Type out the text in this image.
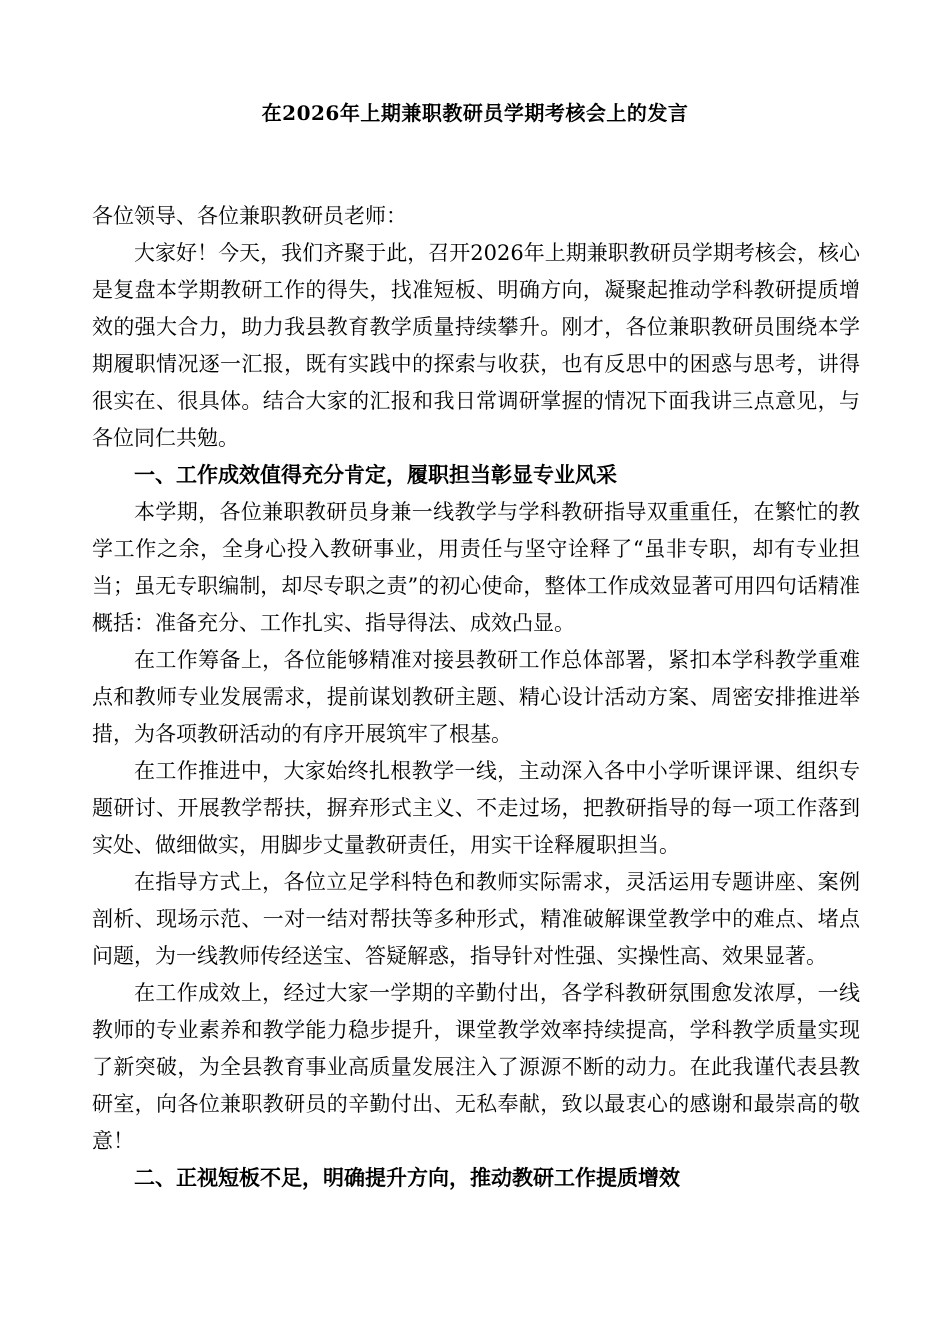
在2026年上期兼职教研员学期考核会上的发言

各位领导、各位兼职教研员老师：

大家好！今天，我们齐聚于此，召开2026年上期兼职教研员学期考核会，核心是复盘本学期教研工作的得失，找准短板、明确方向，凝聚起推动学科教研提质增效的强大合力，助力我县教育教学质量持续攀升。刚才，各位兼职教研员围绕本学期履职情况逐一汇报，既有实践中的探索与收获，也有反思中的困惑与思考，讲得很实在、很具体。结合大家的汇报和我日常调研掌握的情况下面我讲三点意见，与各位同仁共勉。

一、工作成效值得充分肯定，履职担当彰显专业风采

本学期，各位兼职教研员身兼一线教学与学科教研指导双重重任，在繁忙的教学工作之余，全身心投入教研事业，用责任与坚守诠释了“虽非专职，却有专业担当；虽无专职编制，却尽专职之责”的初心使命，整体工作成效显著可用四句话精准概括：准备充分、工作扎实、指导得法、成效凸显。

在工作筹备上，各位能够精准对接县教研工作总体部署，紧扣本学科教学重难点和教师专业发展需求，提前谋划教研主题、精心设计活动方案、周密安排推进举措，为各项教研活动的有序开展筑牢了根基。

在工作推进中，大家始终扎根教学一线，主动深入各中小学听课评课、组织专题研讨、开展教学帮扶，摒弃形式主义、不走过场，把教研指导的每一项工作落到实处、做细做实，用脚步丈量教研责任，用实干诠释履职担当。

在指导方式上，各位立足学科特色和教师实际需求，灵活运用专题讲座、案例剖析、现场示范、一对一结对帮扶等多种形式，精准破解课堂教学中的难点、堵点问题，为一线教师传经送宝、答疑解惑，指导针对性强、实操性高、效果显著。

在工作成效上，经过大家一学期的辛勤付出，各学科教研氛围愈发浓厚，一线教师的专业素养和教学能力稳步提升，课堂教学效率持续提高，学科教学质量实现了新突破，为全县教育事业高质量发展注入了源源不断的动力。在此我谨代表县教研室，向各位兼职教研员的辛勤付出、无私奉献，致以最衷心的感谢和最崇高的敬意！

二、正视短板不足，明确提升方向，推动教研工作提质增效
